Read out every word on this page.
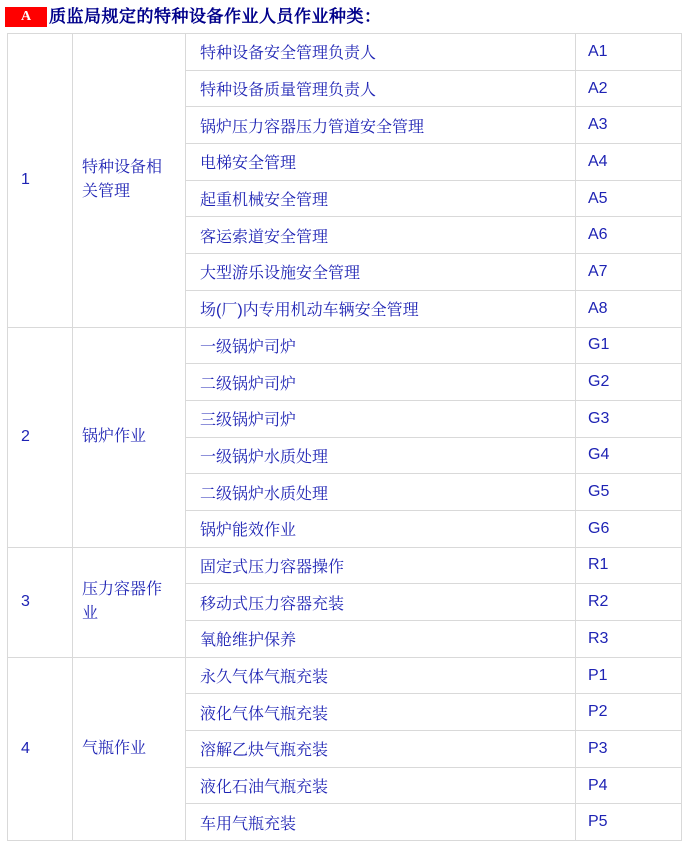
A	质监局规定的特种设备作业人员作业种类：
1	特种设备相关管理	特种设备安全管理负责人	A1
		特种设备质量管理负责人	A2
		锅炉压力容器压力管道安全管理	A3
		电梯安全管理	A4
		起重机械安全管理	A5
		客运索道安全管理	A6
		大型游乐设施安全管理	A7
		场(厂)内专用机动车辆安全管理	A8
2	锅炉作业	一级锅炉司炉	G1
		二级锅炉司炉	G2
		三级锅炉司炉	G3
		一级锅炉水质处理	G4
		二级锅炉水质处理	G5
		锅炉能效作业	G6
3	压力容器作业	固定式压力容器操作	R1
		移动式压力容器充装	R2
		氧舱维护保养	R3
4	气瓶作业	永久气体气瓶充装	P1
		液化气体气瓶充装	P2
		溶解乙炔气瓶充装	P3
		液化石油气瓶充装	P4
		车用气瓶充装	P5
